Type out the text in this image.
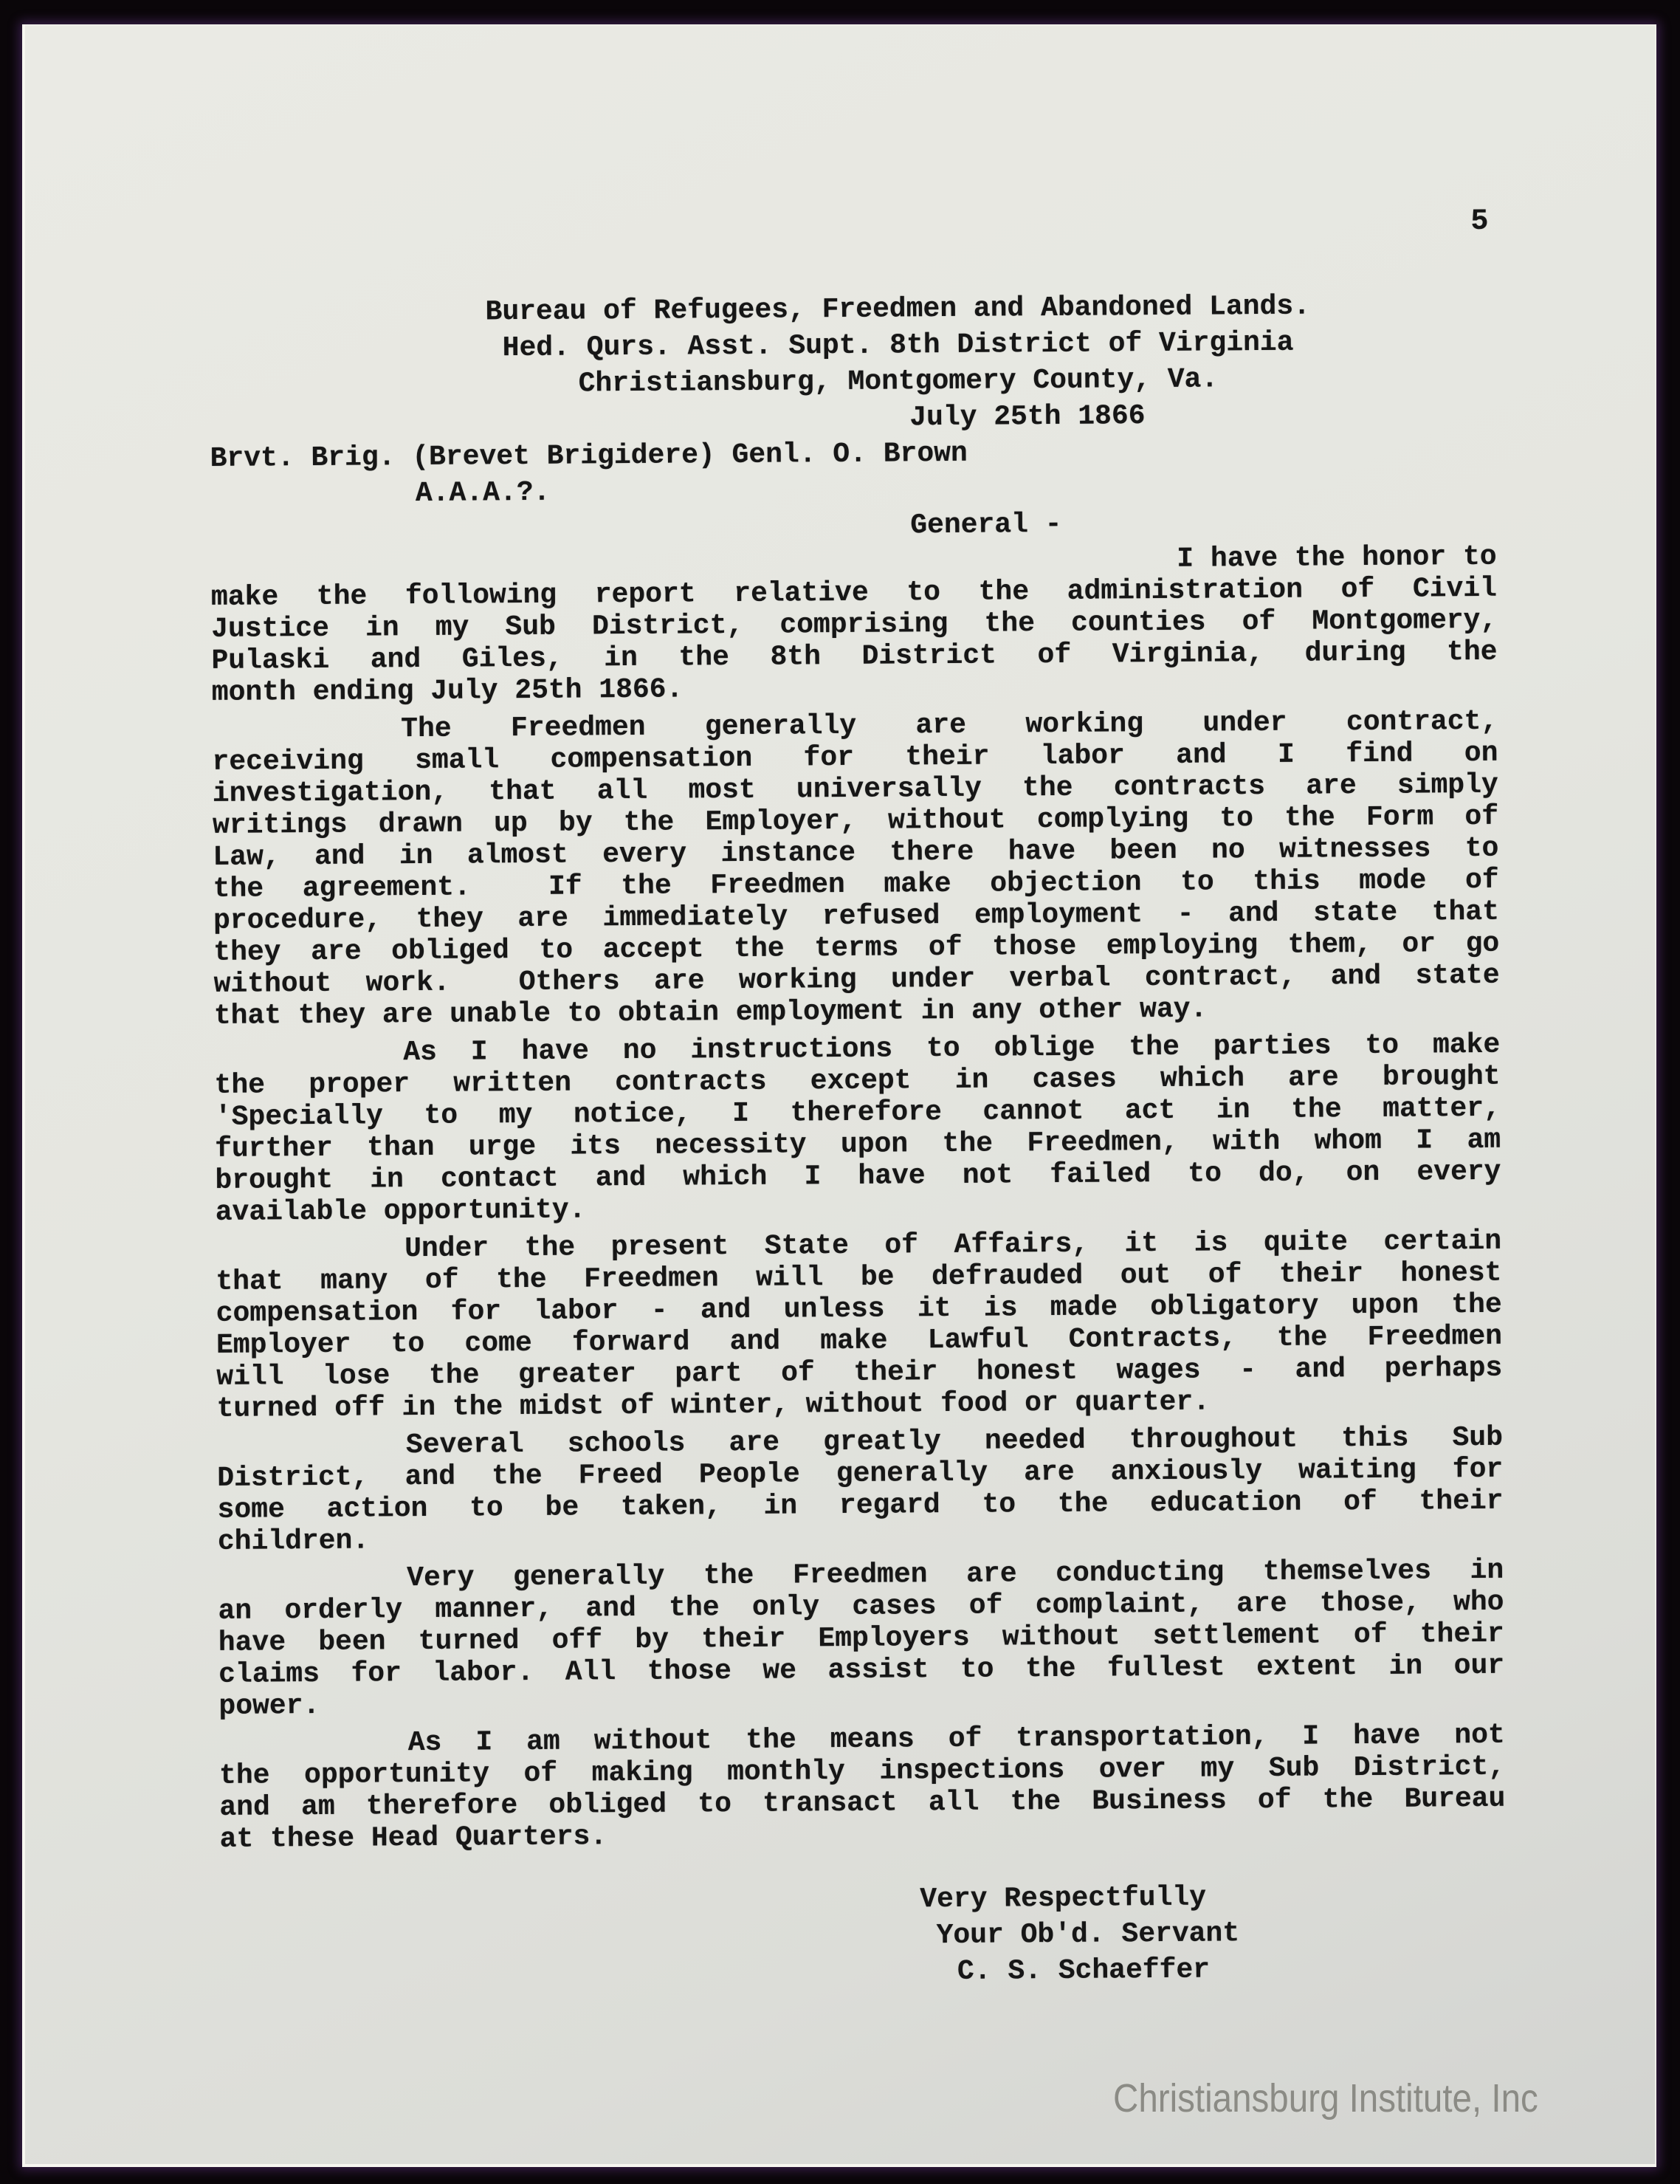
5
Bureau of Refugees, Freedmen and Abandoned Lands.
Hed. Qurs. Asst. Supt. 8th District of Virginia
Christiansburg, Montgomery County, Va.
July 25th 1866
Brvt. Brig. (Brevet Brigidere) Genl. O. Brown
A.A.A.?.
General -
I have the honor to
make the following report relative to the administration of Civil
Justice in my Sub District, comprising the counties of Montgomery,
Pulaski and Giles, in the 8th District of Virginia, during the
month ending July 25th 1866.
The Freedmen generally are working under contract,
receiving small compensation for their labor and I find on
investigation, that all most universally the contracts are simply
writings drawn up by the Employer, without complying to the Form of
Law, and in almost every instance there have been no witnesses to
the agreement.  If the Freedmen make objection to this mode of
procedure, they are immediately refused employment - and state that
they are obliged to accept the terms of those employing them, or go
without work.  Others are working under verbal contract, and state
that they are unable to obtain employment in any other way.
As I have no instructions to oblige the parties to make
the proper written contracts except in cases which are brought
'Specially to my notice, I therefore cannot act in the matter,
further than urge its necessity upon the Freedmen, with whom I am
brought in contact and which I have not failed to do, on every
available opportunity.
Under the present State of Affairs, it is quite certain
that many of the Freedmen will be defrauded out of their honest
compensation for labor - and unless it is made obligatory upon the
Employer to come forward and make Lawful Contracts, the Freedmen
will lose the greater part of their honest wages - and perhaps
turned off in the midst of winter, without food or quarter.
Several schools are greatly needed throughout this Sub
District, and the Freed People generally are anxiously waiting for
some action to be taken, in regard to the education of their
children.
Very generally the Freedmen are conducting themselves in
an orderly manner, and the only cases of complaint, are those, who
have been turned off by their Employers without settlement of their
claims for labor. All those we assist to the fullest extent in our
power.
As I am without the means of transportation, I have not
the opportunity of making monthly inspections over my Sub District,
and am therefore obliged to transact all the Business of the Bureau
at these Head Quarters.
Very Respectfully
Your Ob'd. Servant
C. S. Schaeffer
Christiansburg Institute, Inc
